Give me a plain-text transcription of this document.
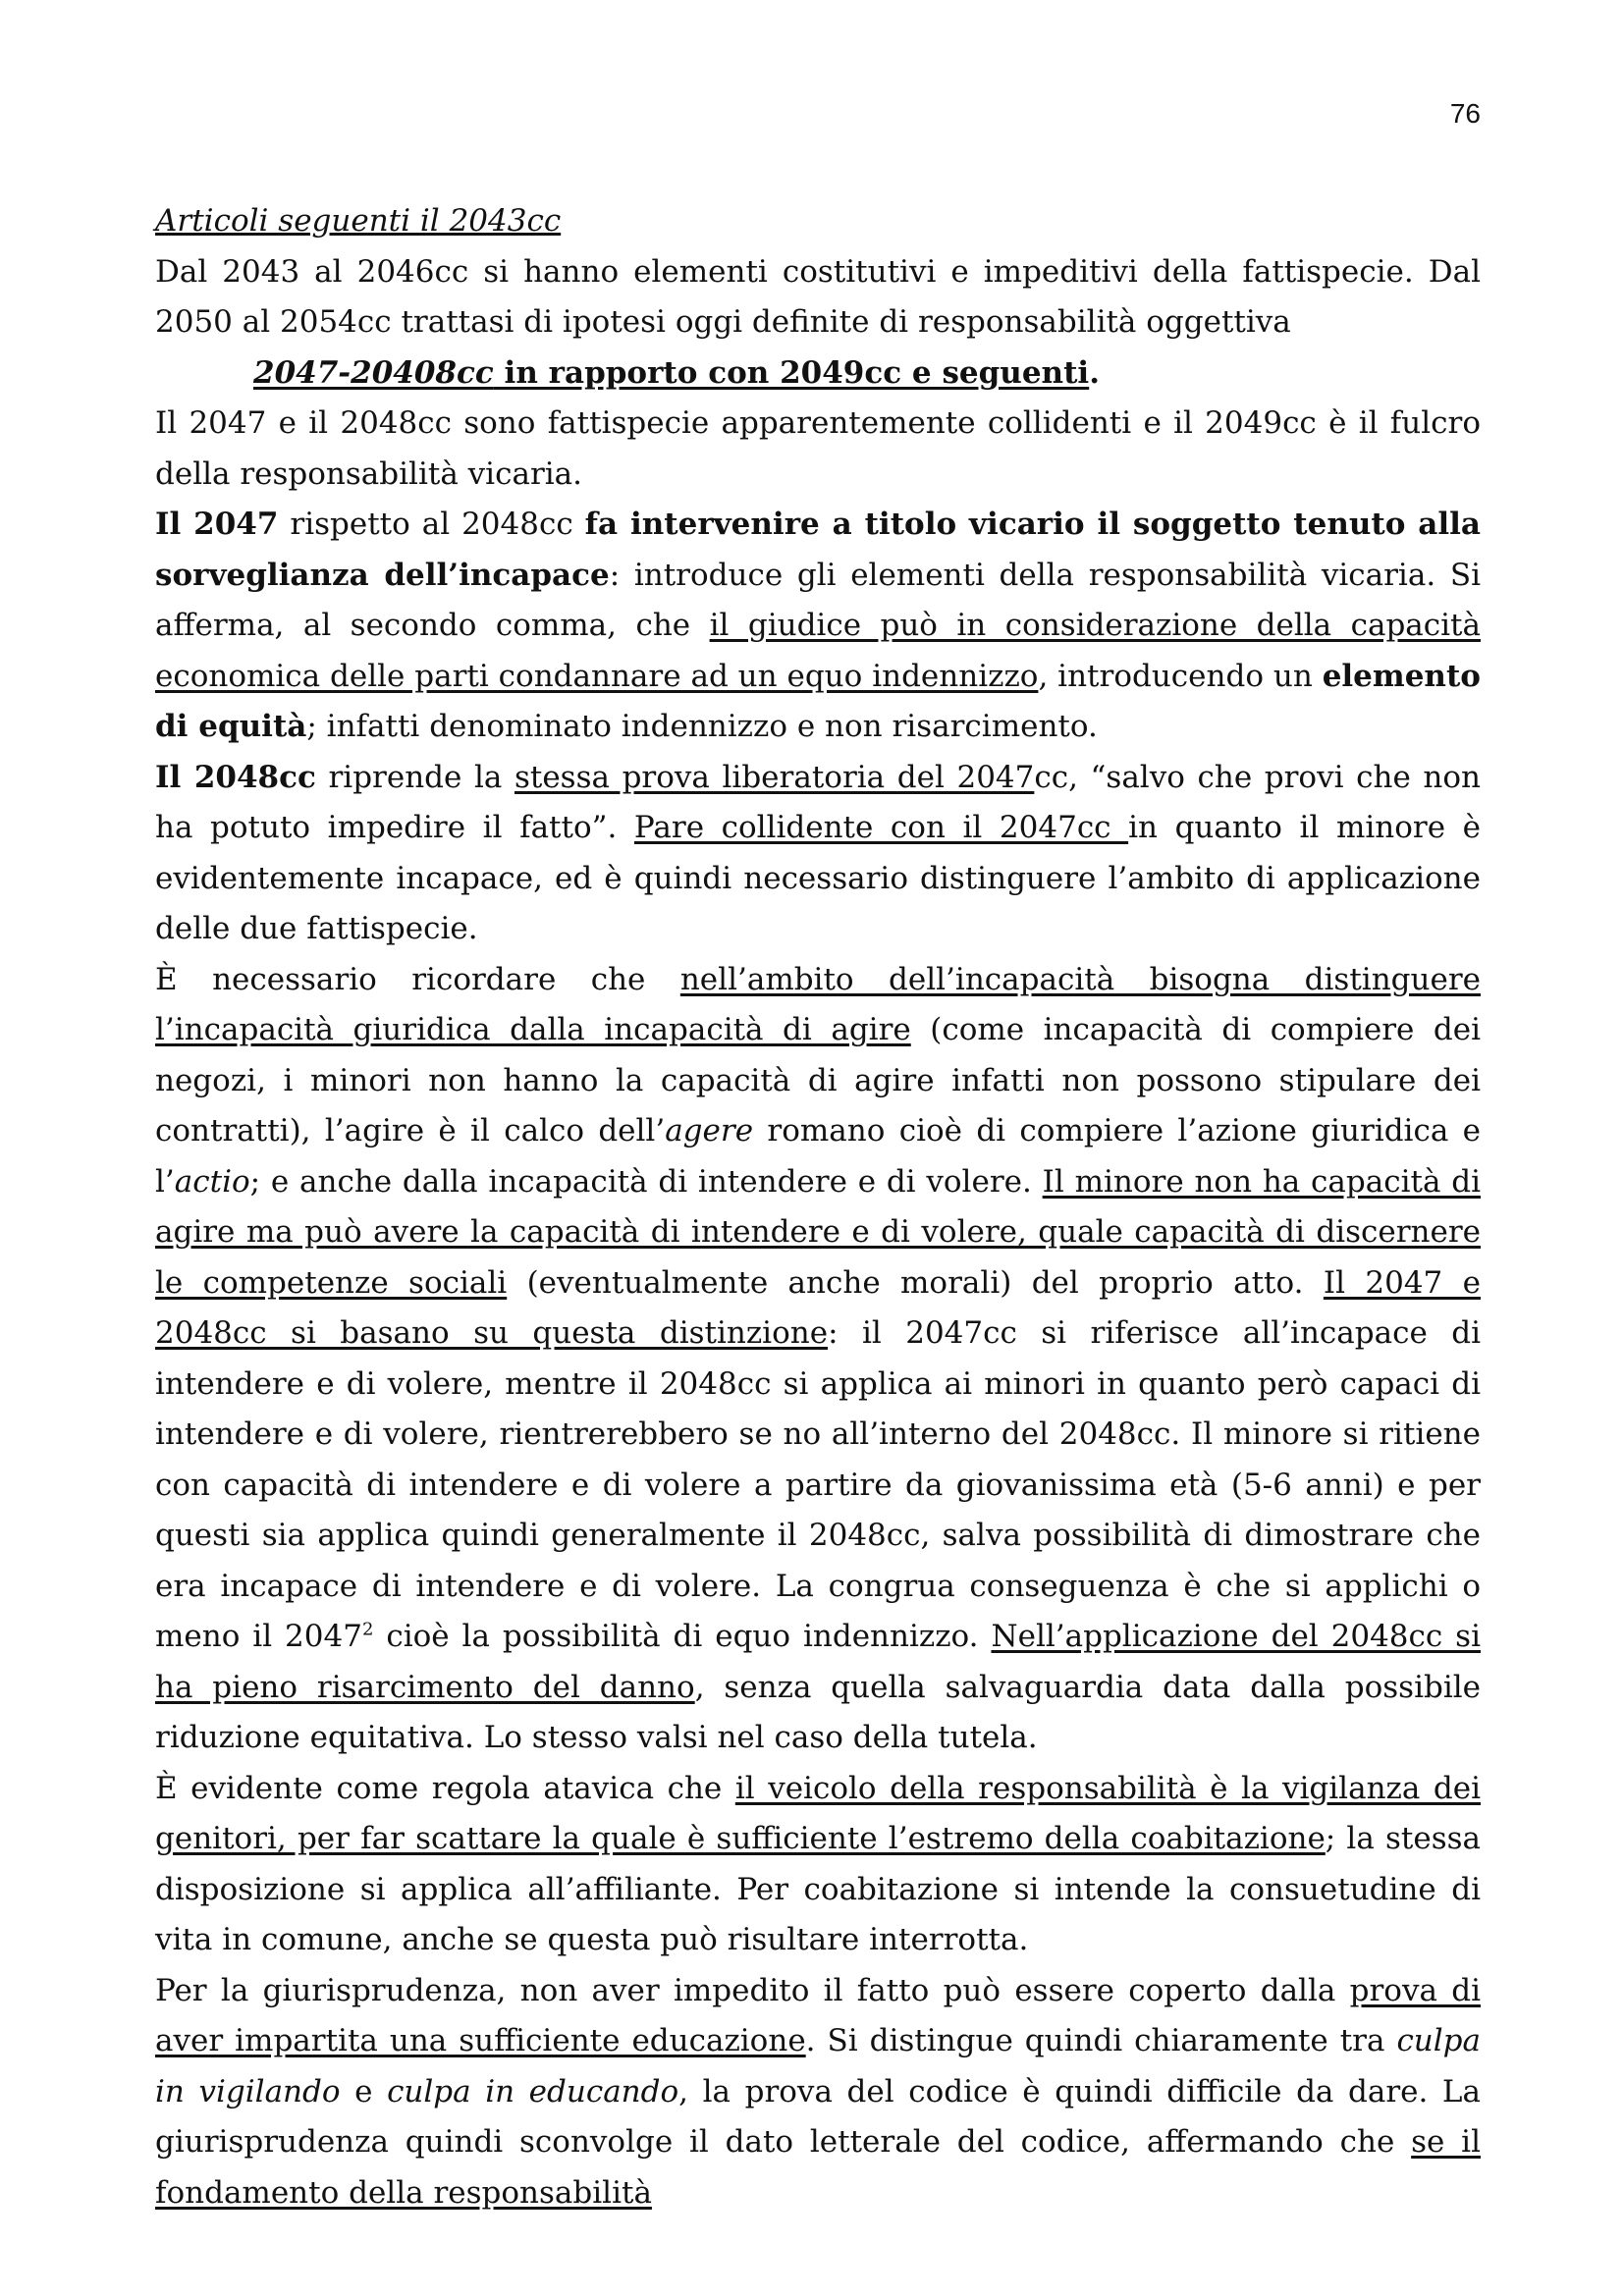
76

Articoli seguenti il 2043cc

Dal 2043 al 2046cc si hanno elementi costitutivi e impeditivi della fattispecie. Dal 2050 al 2054cc trattasi di ipotesi oggi definite di responsabilità oggettiva

2047-20408cc in rapporto con 2049cc e seguenti.

Il 2047 e il 2048cc sono fattispecie apparentemente collidenti e il 2049cc è il fulcro della responsabilità vicaria.

Il 2047 rispetto al 2048cc fa intervenire a titolo vicario il soggetto tenuto alla sorveglianza dell’incapace: introduce gli elementi della responsabilità vicaria. Si afferma, al secondo comma, che il giudice può in considerazione della capacità economica delle parti condannare ad un equo indennizzo, introducendo un elemento di equità; infatti denominato indennizzo e non risarcimento.

Il 2048cc riprende la stessa prova liberatoria del 2047cc, “salvo che provi che non ha potuto impedire il fatto”. Pare collidente con il 2047cc in quanto il minore è evidentemente incapace, ed è quindi necessario distinguere l’ambito di applicazione delle due fattispecie.

È necessario ricordare che nell’ambito dell’incapacità bisogna distinguere l’incapacità giuridica dalla incapacità di agire (come incapacità di compiere dei negozi, i minori non hanno la capacità di agire infatti non possono stipulare dei contratti), l’agire è il calco dell’agere romano cioè di compiere l’azione giuridica e l’actio; e anche dalla incapacità di intendere e di volere. Il minore non ha capacità di agire ma può avere la capacità di intendere e di volere, quale capacità di discernere le competenze sociali (eventualmente anche morali) del proprio atto. Il 2047 e 2048cc si basano su questa distinzione: il 2047cc si riferisce all’incapace di intendere e di volere, mentre il 2048cc si applica ai minori in quanto però capaci di intendere e di volere, rientrerebbero se no all’interno del 2048cc. Il minore si ritiene con capacità di intendere e di volere a partire da giovanissima età (5-6 anni) e per questi sia applica quindi generalmente il 2048cc, salva possibilità di dimostrare che era incapace di intendere e di volere. La congrua conseguenza è che si applichi o meno il 2047$^2$ cioè la possibilità di equo indennizzo. Nell’applicazione del 2048cc si ha pieno risarcimento del danno, senza quella salvaguardia data dalla possibile riduzione equitativa. Lo stesso valsi nel caso della tutela.

È evidente come regola atavica che il veicolo della responsabilità è la vigilanza dei genitori, per far scattare la quale è sufficiente l’estremo della coabitazione; la stessa disposizione si applica all’affiliante. Per coabitazione si intende la consuetudine di vita in comune, anche se questa può risultare interrotta.

Per la giurisprudenza, non aver impedito il fatto può essere coperto dalla prova di aver impartita una sufficiente educazione. Si distingue quindi chiaramente tra culpa in vigilando e culpa in educando, la prova del codice è quindi difficile da dare. La giurisprudenza quindi sconvolge il dato letterale del codice, affermando che se il fondamento della responsabilità
